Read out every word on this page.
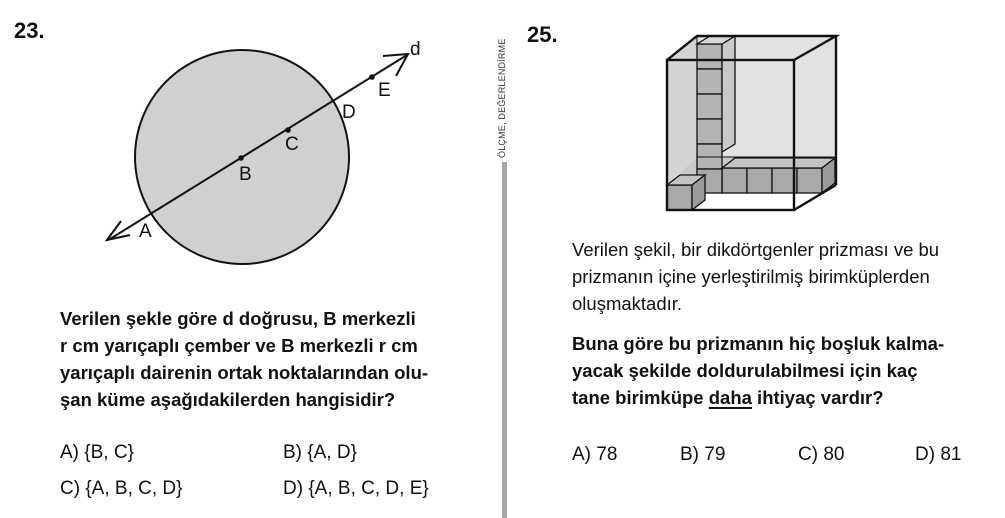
23.
d
E
D
C
B
A
Verilen şekle göre d doğrusu, B merkezli
r cm yarıçaplı çember ve B merkezli r cm
yarıçaplı dairenin ortak noktalarından olu-
şan küme aşağıdakilerden hangisidir?
A) {B, C}	B) {A, D}
C) {A, B, C, D}	D) {A, B, C, D, E}
ÖLÇME, DEĞERLENDİRME
25.
Verilen şekil, bir dikdörtgenler prizması ve bu
prizmanın içine yerleştirilmiş birimküplerden
oluşmaktadır.
Buna göre bu prizmanın hiç boşluk kalma-
yacak şekilde doldurulabilmesi için kaç
tane birimküpe daha ihtiyaç vardır?
A) 78	B) 79	C) 80	D) 81
